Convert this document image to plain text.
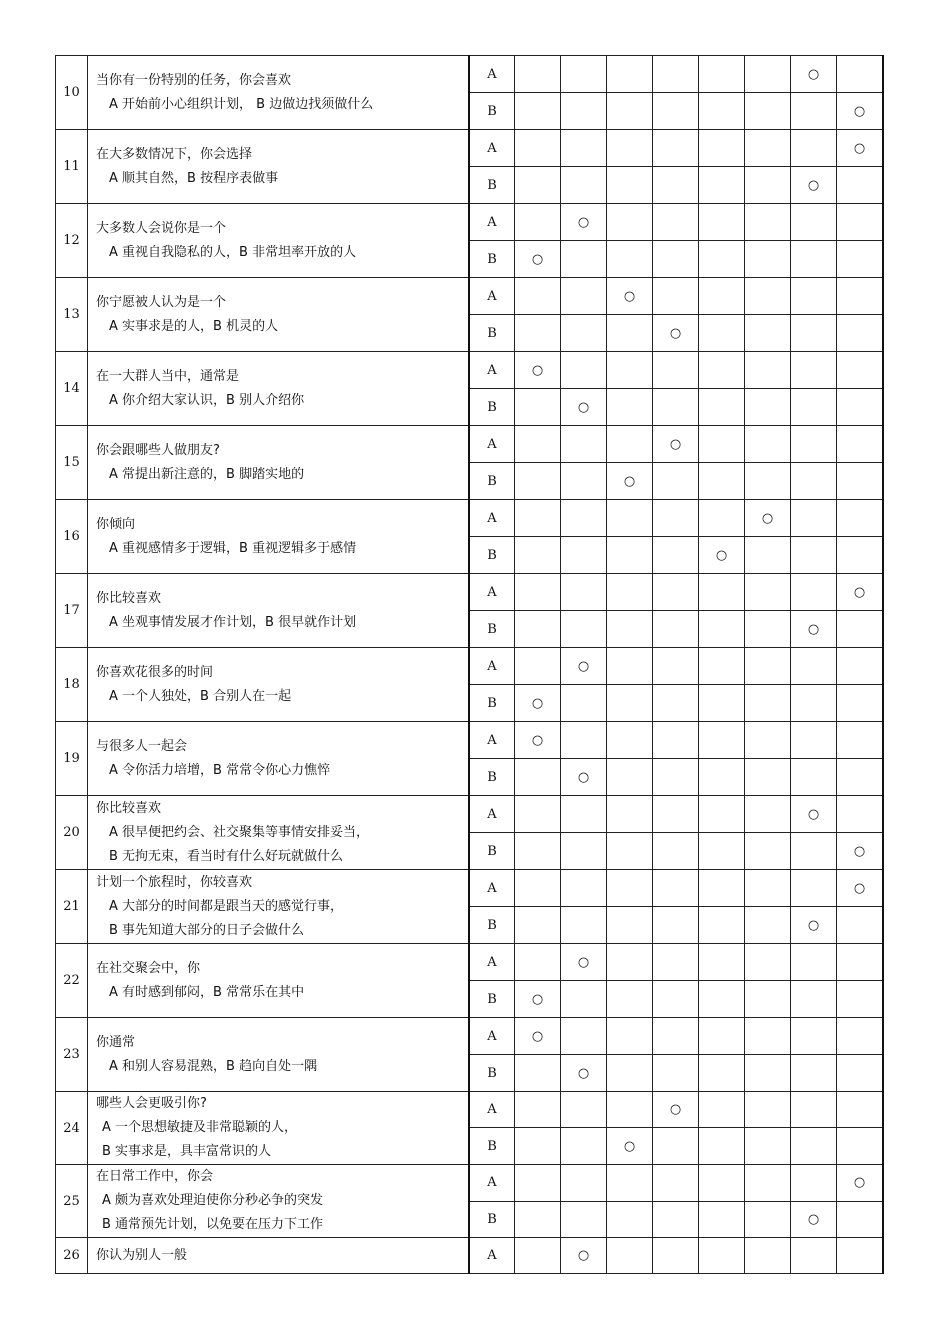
10	当你有一份特别的任务，你会喜欢
A 开始前小心组织计划， B 边做边找须做什么	A							○	
		B								○
11	在大多数情况下，你会选择
A 顺其自然，B 按程序表做事	A								○
		B							○	
12	大多数人会说你是一个
A 重视自我隐私的人，B 非常坦率开放的人	A		○						
		B	○							
13	你宁愿被人认为是一个
A 实事求是的人，B 机灵的人	A			○					
		B				○				
14	在一大群人当中，通常是
A 你介绍大家认识，B 别人介绍你	A	○							
		B		○						
15	你会跟哪些人做朋友?
A 常提出新注意的，B 脚踏实地的	A				○				
		B			○					
16	你倾向
A 重视感情多于逻辑，B 重视逻辑多于感情	A						○		
		B					○			
17	你比较喜欢
A 坐观事情发展才作计划，B 很早就作计划	A								○
		B							○	
18	你喜欢花很多的时间
A 一个人独处，B 合别人在一起	A		○						
		B	○							
19	与很多人一起会
A 令你活力培增，B 常常令你心力憔悴	A	○							
		B		○						
20	你比较喜欢
A 很早便把约会、社交聚集等事情安排妥当，
B 无拘无束，看当时有什么好玩就做什么	A							○	
		B								○
21	计划一个旅程时，你较喜欢
A 大部分的时间都是跟当天的感觉行事，
B 事先知道大部分的日子会做什么	A								○
		B							○	
22	在社交聚会中，你
A 有时感到郁闷，B 常常乐在其中	A		○						
		B	○							
23	你通常
A 和别人容易混熟，B 趋向自处一隅	A	○							
		B		○						
24	哪些人会更吸引你?
A 一个思想敏捷及非常聪颖的人，
B 实事求是，具丰富常识的人	A				○				
		B			○					
25	在日常工作中，你会
A 颇为喜欢处理迫使你分秒必争的突发
B 通常预先计划，以免要在压力下工作	A								○
		B							○	
26	你认为别人一般	A		○						
